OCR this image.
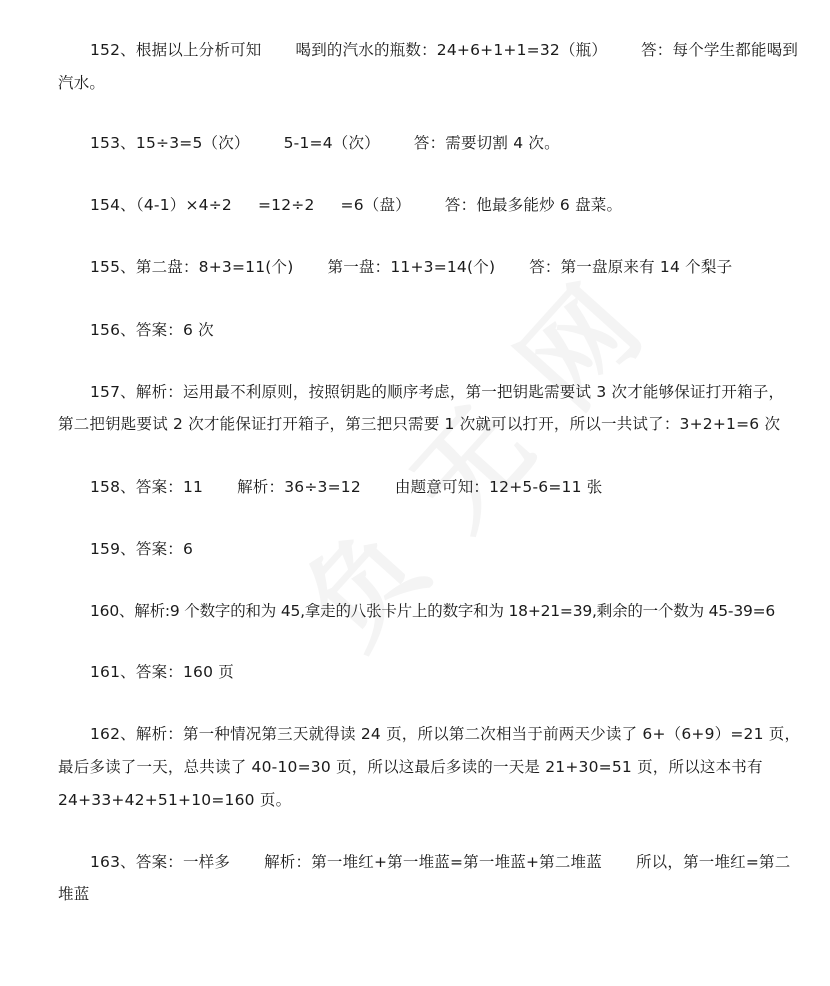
152、根据以上分析可知 喝到的汽水的瓶数：24+6+1+1=32（瓶） 答：每个学生都能喝到
汽水。
153、15÷3=5（次） 5-1=4（次） 答：需要切割 4 次。
154、（4-1）×4÷2 =12÷2 =6（盘） 答：他最多能炒 6 盘菜。
155、第二盘：8+3=11(个) 第一盘：11+3=14(个) 答：第一盘原来有 14 个梨子
156、答案：6 次
157、解析：运用最不利原则，按照钥匙的顺序考虑，第一把钥匙需要试 3 次才能够保证打开箱子，
第二把钥匙要试 2 次才能保证打开箱子，第三把只需要 1 次就可以打开，所以一共试了：3+2+1=6 次
158、答案：11 解析：36÷3=12 由题意可知：12+5-6=11 张
159、答案：6
160、解析:9 个数字的和为 45,拿走的八张卡片上的数字和为 18+21=39,剩余的一个数为 45-39=6
161、答案：160 页
162、解析：第一种情况第三天就得读 24 页，所以第二次相当于前两天少读了 6+（6+9）=21 页，
最后多读了一天，总共读了 40-10=30 页，所以这最后多读的一天是 21+30=51 页，所以这本书有
24+33+42+51+10=160 页。
163、答案：一样多 解析：第一堆红+第一堆蓝=第一堆蓝+第二堆蓝 所以，第一堆红=第二
堆蓝
